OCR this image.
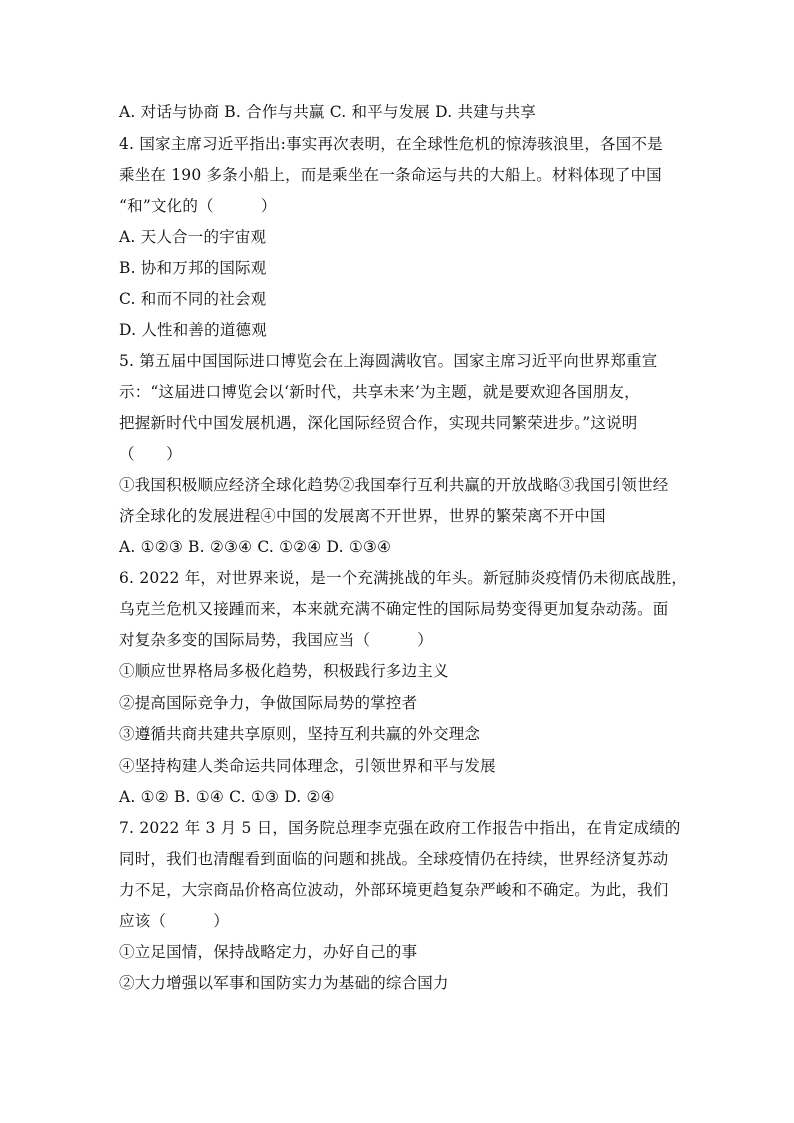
A. 对话与协商 B. 合作与共赢 C. 和平与发展 D. 共建与共享
4. 国家主席习近平指出:事实再次表明，在全球性危机的惊涛骇浪里，各国不是
乘坐在 190 多条小船上，而是乘坐在一条命运与共的大船上。材料体现了中国
“和”文化的（　　　）
A. 天人合一的宇宙观
B. 协和万邦的国际观
C. 和而不同的社会观
D. 人性和善的道德观
5. 第五届中国国际进口博览会在上海圆满收官。国家主席习近平向世界郑重宣
示：“这届进口博览会以‘新时代，共享未来’为主题，就是要欢迎各国朋友，
把握新时代中国发展机遇，深化国际经贸合作，实现共同繁荣进步。”这说明
（　　）
①我国积极顺应经济全球化趋势②我国奉行互利共赢的开放战略③我国引领世经
济全球化的发展进程④中国的发展离不开世界，世界的繁荣离不开中国
A. ①②③ B. ②③④ C. ①②④ D. ①③④
6. 2022 年，对世界来说，是一个充满挑战的年头。新冠肺炎疫情仍未彻底战胜，
乌克兰危机又接踵而来，本来就充满不确定性的国际局势变得更加复杂动荡。面
对复杂多变的国际局势，我国应当（　　　）
①顺应世界格局多极化趋势，积极践行多边主义
②提高国际竞争力，争做国际局势的掌控者
③遵循共商共建共享原则，坚持互利共赢的外交理念
④坚持构建人类命运共同体理念，引领世界和平与发展
A. ①② B. ①④ C. ①③ D. ②④
7. 2022 年 3 月 5 日，国务院总理李克强在政府工作报告中指出，在肯定成绩的
同时，我们也清醒看到面临的问题和挑战。全球疫情仍在持续，世界经济复苏动
力不足，大宗商品价格高位波动，外部环境更趋复杂严峻和不确定。为此，我们
应该（　　　）
①立足国情，保持战略定力，办好自己的事
②大力增强以军事和国防实力为基础的综合国力
